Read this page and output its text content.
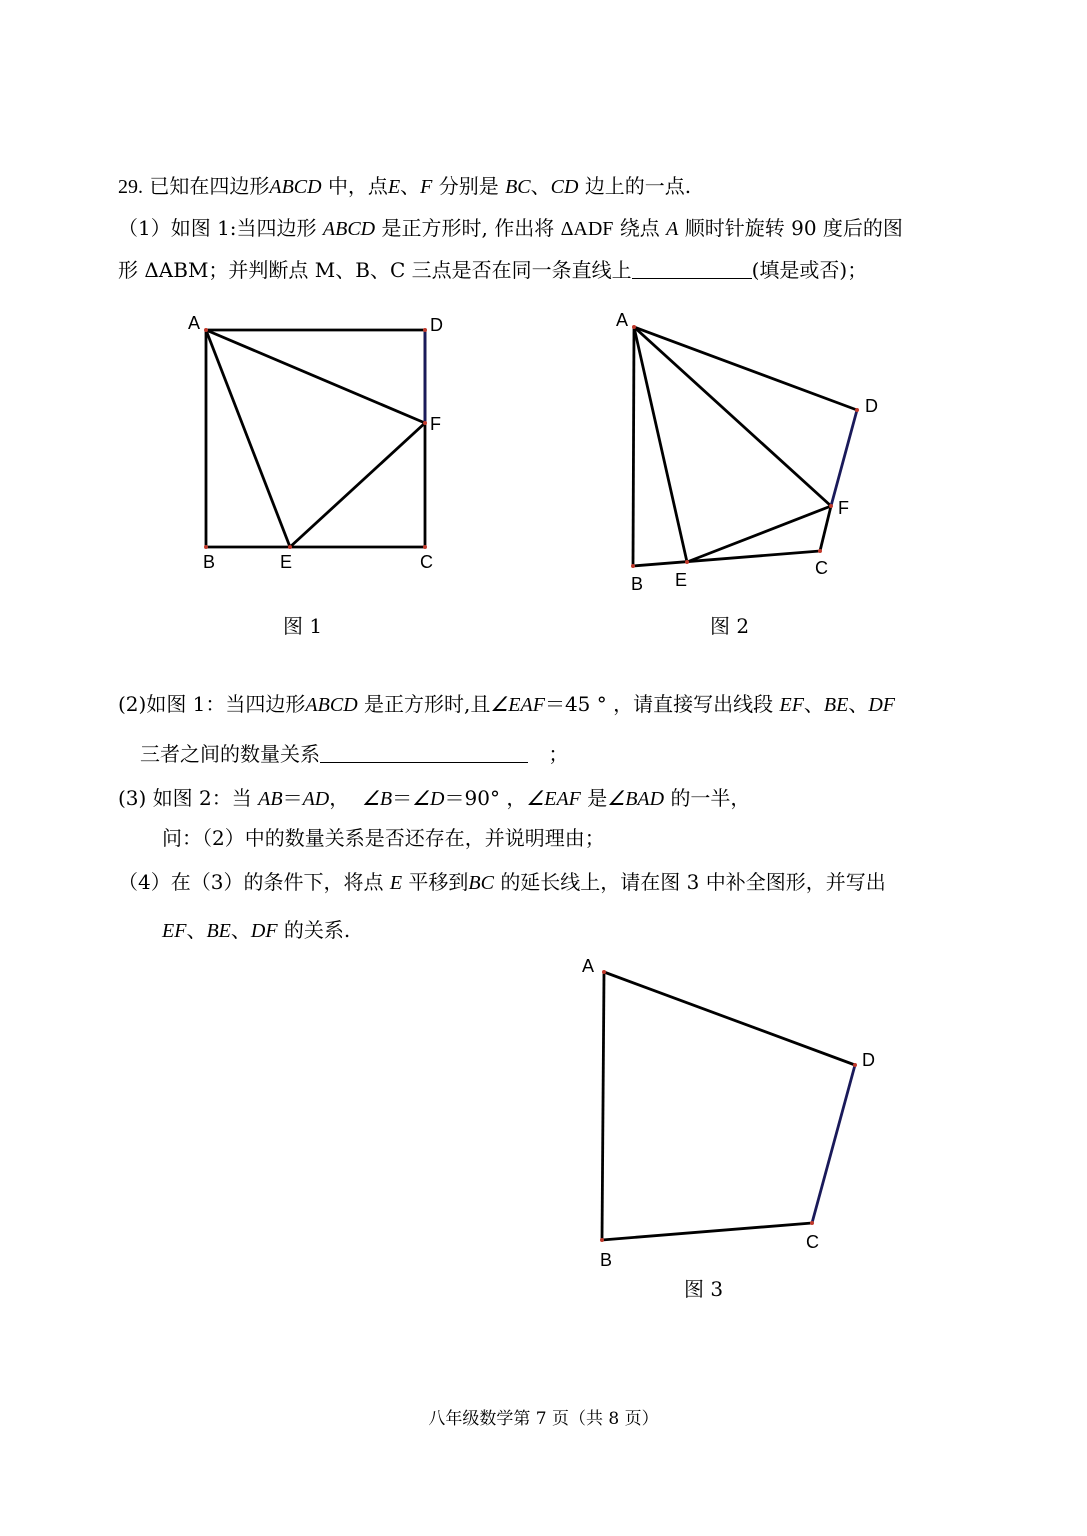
29. 已知在四边形ABCD 中，点E、F 分别是 BC、CD 边上的一点.
（1）如图 1:当四边形 ABCD 是正方形时, 作出将 ΔADF 绕点 A 顺时针旋转 90 度后的图
形 ΔABM；并判断点 M、B、C 三点是否在同一条直线上	(填是或否)；
A	D
F
B	E	C
图 1
A
D
F
C
E
B
图 2
(2)如图 1：当四边形ABCD 是正方形时,且∠EAF＝45 ° ，请直接写出线段 EF、BE、DF
三者之间的数量关系	；
(3) 如图 2：当 AB＝AD， ∠B＝∠D＝90° ，∠EAF 是∠BAD 的一半，
问：（2）中的数量关系是否还存在，并说明理由；
（4）在（3）的条件下，将点 E 平移到BC 的延长线上，请在图 3 中补全图形，并写出
EF、BE、DF 的关系.
A
D
C
B
图 3
八年级数学第 7 页（共 8 页）
